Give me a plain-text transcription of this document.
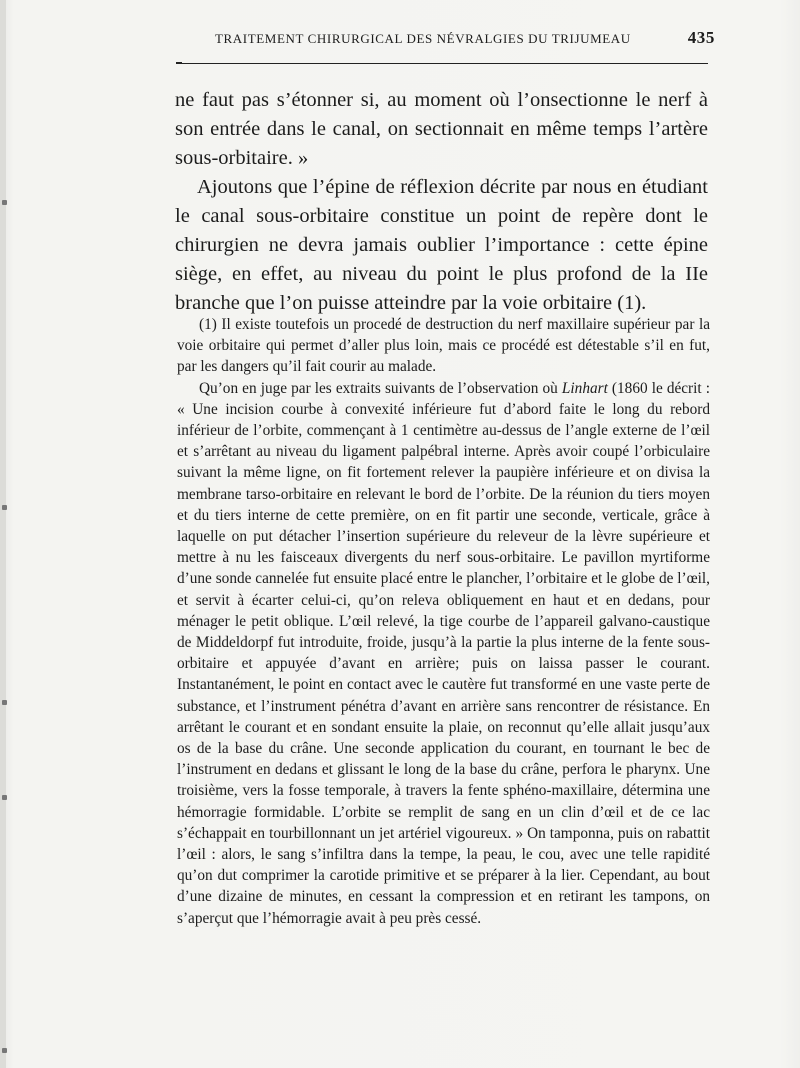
TRAITEMENT CHIRURGICAL DES NÉVRALGIES DU TRIJUMEAU	435

ne faut pas s’étonner si, au moment où l’onsectionne le nerf à son entrée dans le canal, on sectionnait en même temps l’artère sous-orbitaire. »

Ajoutons que l’épine de réflexion décrite par nous en étudiant le canal sous-orbitaire constitue un point de repère dont le chirurgien ne devra jamais oublier l’importance : cette épine siège, en effet, au niveau du point le plus profond de la IIe branche que l’on puisse atteindre par la voie orbitaire (1).

(1) Il existe toutefois un procedé de destruction du nerf maxillaire supérieur par la voie orbitaire qui permet d’aller plus loin, mais ce procédé est détestable s’il en fut, par les dangers qu’il fait courir au malade.

Qu’on en juge par les extraits suivants de l’observation où Linhart (1860 le décrit : « Une incision courbe à convexité inférieure fut d’abord faite le long du rebord inférieur de l’orbite, commençant à 1 centimètre au-dessus de l’angle externe de l’œil et s’arrêtant au niveau du ligament palpébral interne. Après avoir coupé l’orbiculaire suivant la même ligne, on fit fortement relever la paupière inférieure et on divisa la membrane tarso-orbitaire en relevant le bord de l’orbite. De la réunion du tiers moyen et du tiers interne de cette première, on en fit partir une seconde, verticale, grâce à laquelle on put détacher l’insertion supérieure du releveur de la lèvre supérieure et mettre à nu les faisceaux divergents du nerf sous-orbitaire. Le pavillon myrtiforme d’une sonde cannelée fut ensuite placé entre le plancher, l’orbitaire et le globe de l’œil, et servit à écarter celui-ci, qu’on releva obliquement en haut et en dedans, pour ménager le petit oblique. L’œil relevé, la tige courbe de l’appareil galvano-caustique de Middeldorpf fut introduite, froide, jusqu’à la partie la plus interne de la fente sous-orbitaire et appuyée d’avant en arrière; puis on laissa passer le courant. Instantanément, le point en contact avec le cautère fut transformé en une vaste perte de substance, et l’instrument pénétra d’avant en arrière sans rencontrer de résistance. En arrêtant le courant et en sondant ensuite la plaie, on reconnut qu’elle allait jusqu’aux os de la base du crâne. Une seconde application du courant, en tournant le bec de l’instrument en dedans et glissant le long de la base du crâne, perfora le pharynx. Une troisième, vers la fosse temporale, à travers la fente sphéno-maxillaire, détermina une hémorragie formidable. L’orbite se remplit de sang en un clin d’œil et de ce lac s’échappait en tourbillonnant un jet artériel vigoureux. » On tamponna, puis on rabattit l’œil : alors, le sang s’infiltra dans la tempe, la peau, le cou, avec une telle rapidité qu’on dut comprimer la carotide primitive et se préparer à la lier. Cependant, au bout d’une dizaine de minutes, en cessant la compression et en retirant les tampons, on s’aperçut que l’hémorragie avait à peu près cessé.
